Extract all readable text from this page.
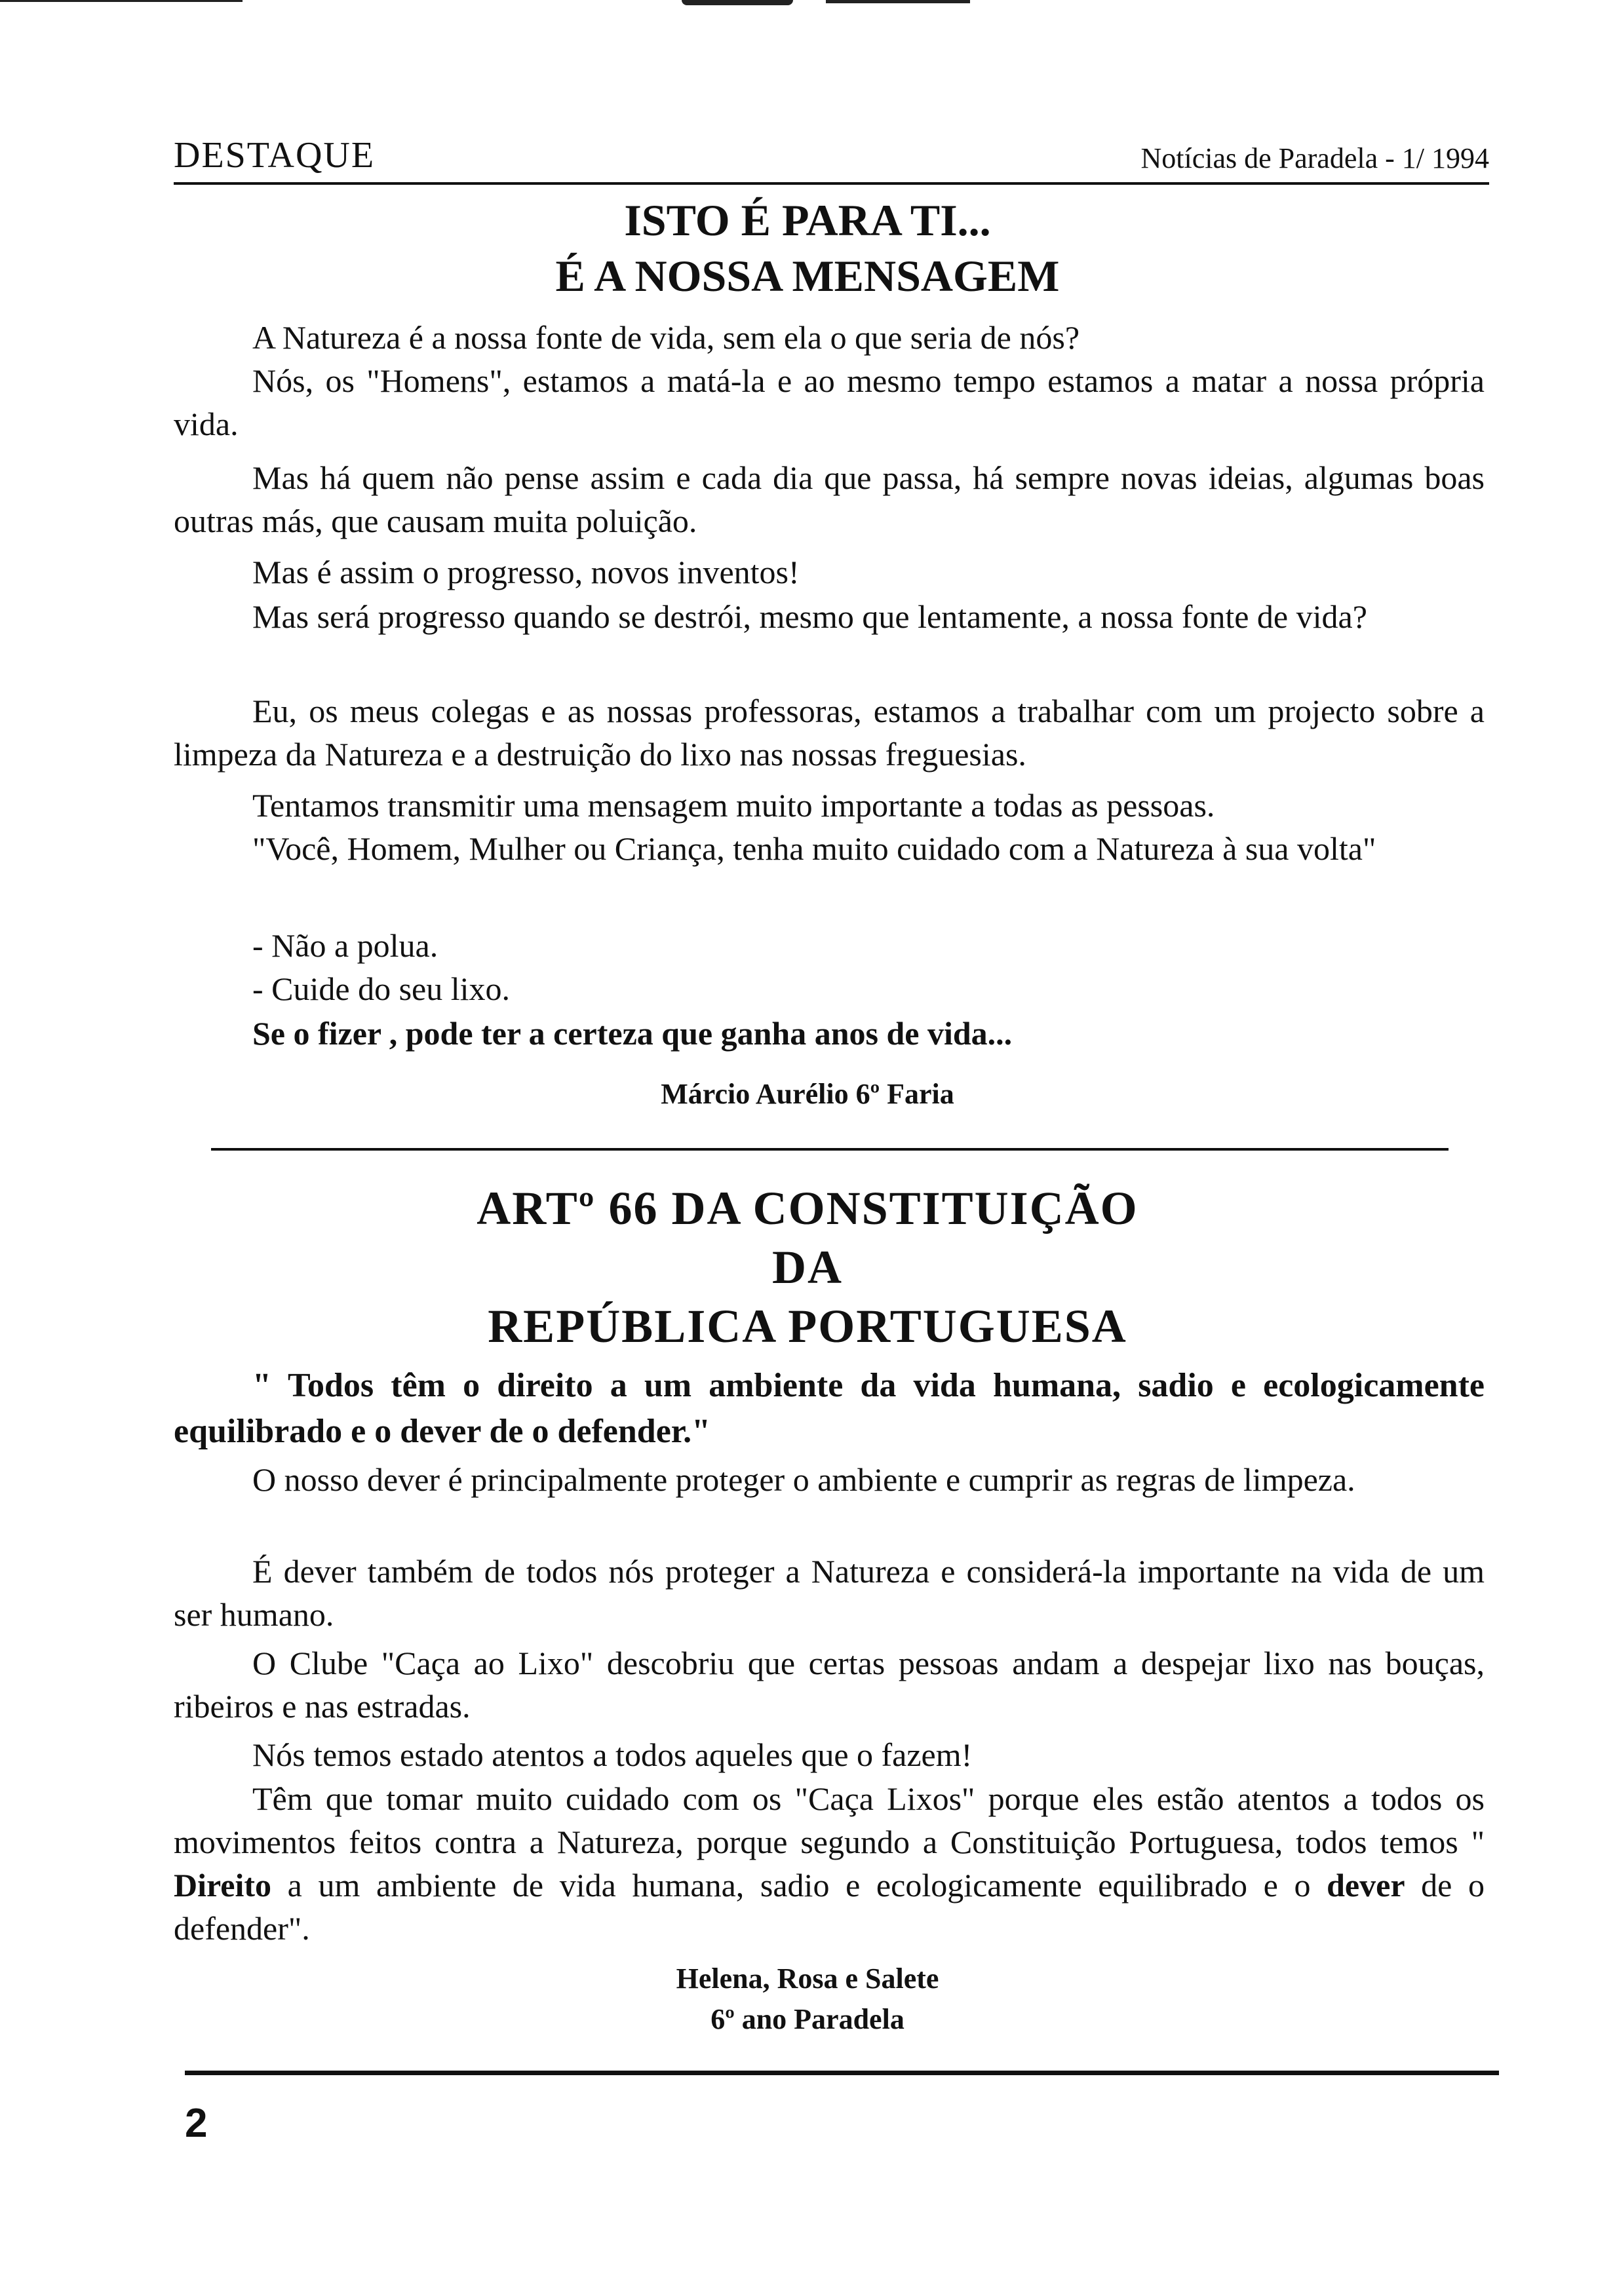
DESTAQUE	Notícias de Paradela - 1/ 1994
ISTO É PARA TI...
É A NOSSA MENSAGEM

A Natureza é a nossa fonte de vida, sem ela o que seria de nós?

Nós, os "Homens", estamos a matá-la e ao mesmo tempo estamos a matar a nossa própria vida.

Mas há quem não pense assim e cada dia que passa, há sempre novas ideias, algumas boas outras más, que causam muita poluição.

Mas é assim o progresso, novos inventos!

Mas será progresso quando se destrói, mesmo que lentamente, a nossa fonte de vida?

Eu, os meus colegas e as nossas professoras, estamos a trabalhar com um projecto sobre a limpeza da Natureza e a destruição do lixo nas nossas freguesias.

Tentamos transmitir uma mensagem muito importante a todas as pessoas.

"Você, Homem, Mulher ou Criança, tenha muito cuidado com a Natureza à sua volta"

- Não a polua.

- Cuide do seu lixo.

Se o fizer , pode ter a certeza que ganha anos de vida...

Márcio Aurélio 6º Faria
ARTº 66 DA CONSTITUIÇÃO
DA
REPÚBLICA PORTUGUESA

" Todos têm o direito a um ambiente da vida humana, sadio e ecologicamente equilibrado e o dever de o defender."

O nosso dever é principalmente proteger o ambiente e cumprir as regras de limpeza.

É dever também de todos nós proteger a Natureza e considerá-la importante na vida de um ser humano.

O Clube "Caça ao Lixo" descobriu que certas pessoas andam a despejar lixo nas bouças, ribeiros e nas estradas.

Nós temos estado atentos a todos aqueles que o fazem!

Têm que tomar muito cuidado com os "Caça Lixos" porque eles estão atentos a todos os movimentos feitos contra a Natureza, porque segundo a Constituição Portuguesa, todos temos " Direito a um ambiente de vida humana, sadio e ecologicamente equilibrado e o dever de o defender".

Helena, Rosa e Salete
6º ano Paradela
2
